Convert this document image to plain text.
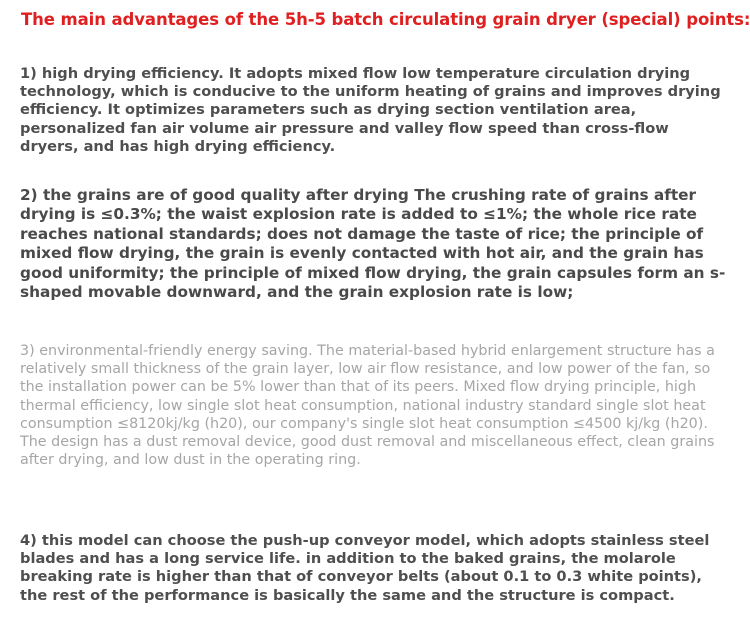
The main advantages of the 5h-5 batch circulating grain dryer (special) points:

1) high drying efficiency. It adopts mixed flow low temperature circulation drying technology, which is conducive to the uniform heating of grains and improves drying efficiency. It optimizes parameters such as drying section ventilation area, personalized fan air volume air pressure and valley flow speed than cross-flow dryers, and has high drying efficiency.

2) the grains are of good quality after drying The crushing rate of grains after drying is ≤0.3%; the waist explosion rate is added to ≤1%; the whole rice rate reaches national standards; does not damage the taste of rice; the principle of mixed flow drying, the grain is evenly contacted with hot air, and the grain has good uniformity; the principle of mixed flow drying, the grain capsules form an s-shaped movable downward, and the grain explosion rate is low;

3) environmental-friendly energy saving. The material-based hybrid enlargement structure has a relatively small thickness of the grain layer, low air flow resistance, and low power of the fan, so the installation power can be 5% lower than that of its peers. Mixed flow drying principle, high thermal efficiency, low single slot heat consumption, national industry standard single slot heat consumption ≤8120kj/kg (h20), our company's single slot heat consumption ≤4500 kj/kg (h20). The design has a dust removal device, good dust removal and miscellaneous effect, clean grains after drying, and low dust in the operating ring.

4) this model can choose the push-up conveyor model, which adopts stainless steel blades and has a long service life. in addition to the baked grains, the molarole breaking rate is higher than that of conveyor belts (about 0.1 to 0.3 white points), the rest of the performance is basically the same and the structure is compact.
